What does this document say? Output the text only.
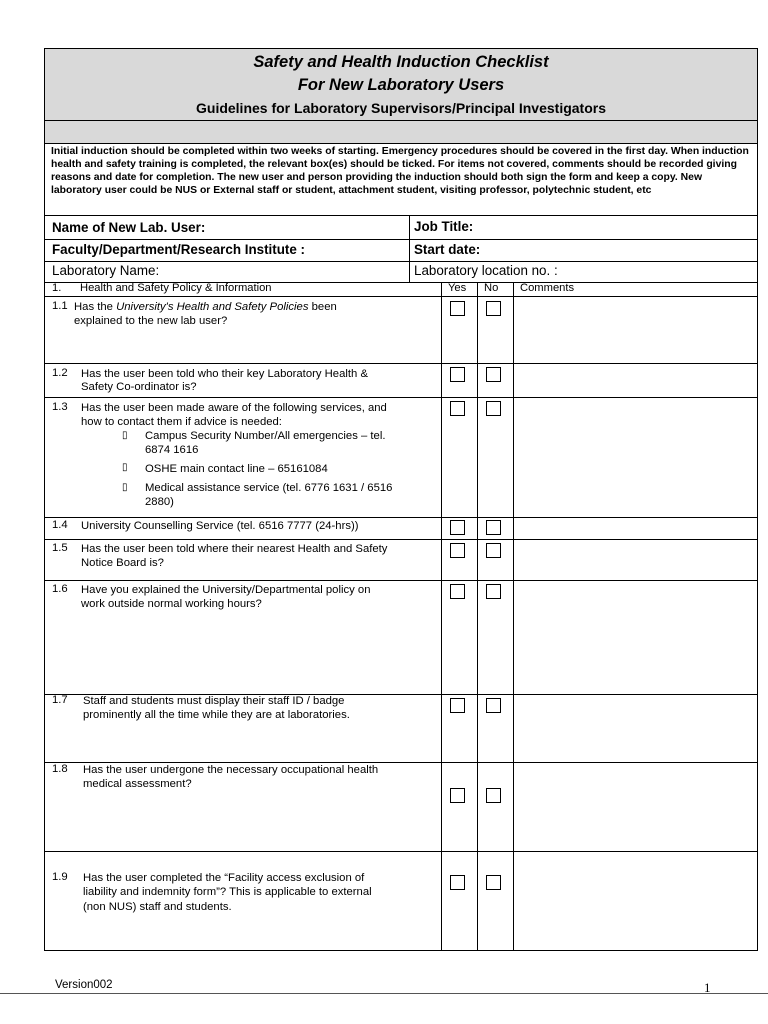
Safety and Health Induction Checklist
For New Laboratory Users
Guidelines for Laboratory Supervisors/Principal Investigators
Initial induction should be completed within two weeks of starting. Emergency procedures should be covered in the first day. When induction health and safety training is completed, the relevant box(es) should be ticked. For items not covered, comments should be recorded giving reasons and date for completion. The new user and person providing the induction should both sign the form and keep a copy. New laboratory user could be NUS or External staff or student, attachment student, visiting professor, polytechnic student, etc
Name of New Lab. User:	Job Title:
Faculty/Department/Research Institute :	Start date:
Laboratory Name:	Laboratory location no. :
1. Health and Safety Policy & Information	Yes No Comments
1.1 Has the University's Health and Safety Policies been
explained to the new lab user?
1.2 Has the user been told who their key Laboratory Health &
Safety Co-ordinator is?
1.3 Has the user been made aware of the following services, and
how to contact them if advice is needed:
▯ Campus Security Number/All emergencies – tel.
6874 1616
▯ OSHE main contact line – 65161084
▯ Medical assistance service (tel. 6776 1631 / 6516
2880)
1.4 University Counselling Service (tel. 6516 7777 (24-hrs))
1.5 Has the user been told where their nearest Health and Safety
Notice Board is?
1.6 Have you explained the University/Departmental policy on
work outside normal working hours?
1.7 Staff and students must display their staff ID / badge
prominently all the time while they are at laboratories.
1.8 Has the user undergone the necessary occupational health
medical assessment?
1.9 Has the user completed the “Facility access exclusion of
liability and indemnity form”? This is applicable to external
(non NUS) staff and students.
Version002	1
